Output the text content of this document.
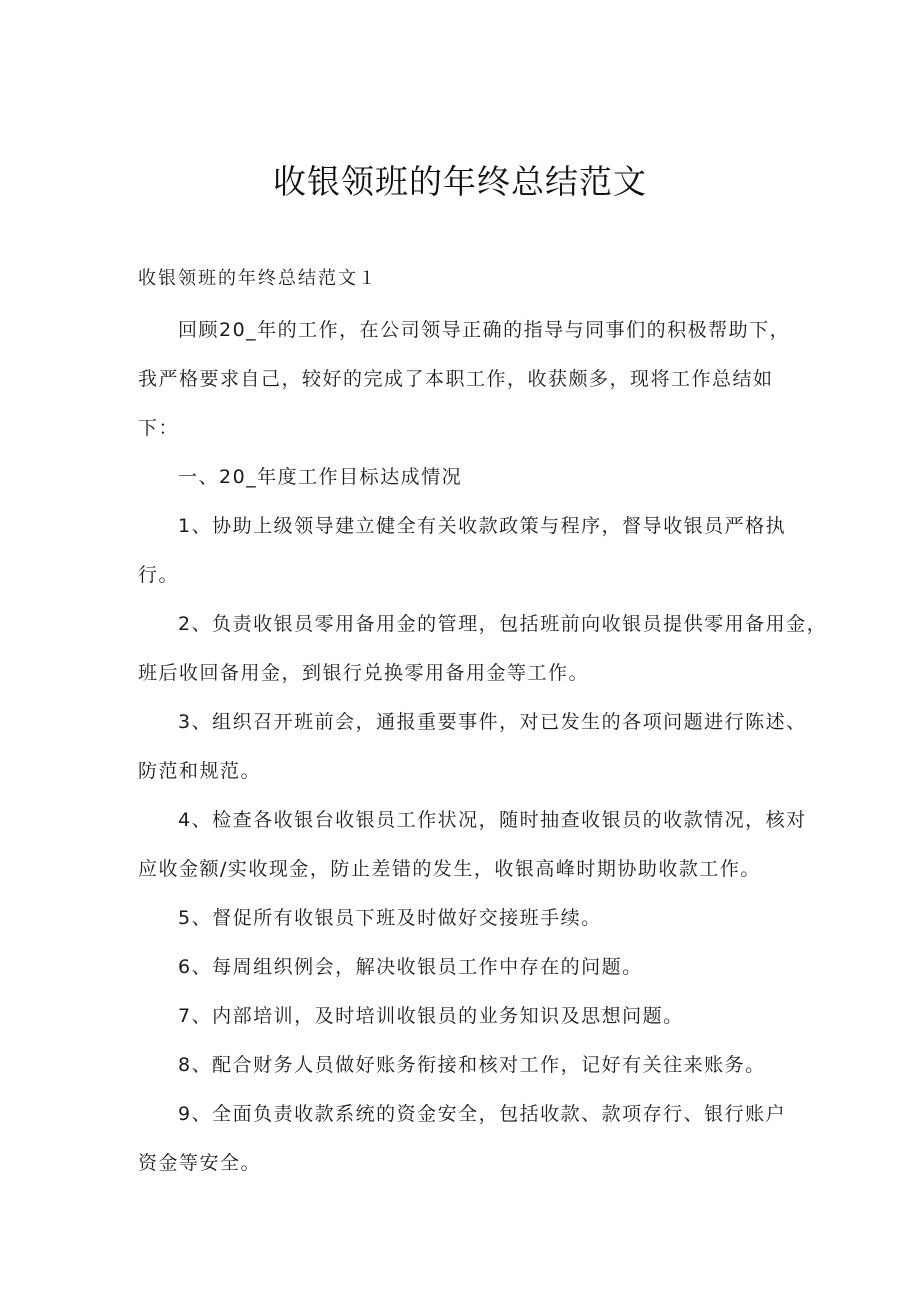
收银领班的年终总结范文
收银领班的年终总结范文１
回顾20_年的工作，在公司领导正确的指导与同事们的积极帮助下，
我严格要求自己，较好的完成了本职工作，收获颇多，现将工作总结如
下：
一、20_年度工作目标达成情况
1、协助上级领导建立健全有关收款政策与程序，督导收银员严格执
行。
2、负责收银员零用备用金的管理，包括班前向收银员提供零用备用金，
班后收回备用金，到银行兑换零用备用金等工作。
3、组织召开班前会，通报重要事件，对已发生的各项问题进行陈述、
防范和规范。
4、检查各收银台收银员工作状况，随时抽查收银员的收款情况，核对
应收金额/实收现金，防止差错的发生，收银高峰时期协助收款工作。
5、督促所有收银员下班及时做好交接班手续。
6、每周组织例会，解决收银员工作中存在的问题。
7、内部培训，及时培训收银员的业务知识及思想问题。
8、配合财务人员做好账务衔接和核对工作，记好有关往来账务。
9、全面负责收款系统的资金安全，包括收款、款项存行、银行账户
资金等安全。
